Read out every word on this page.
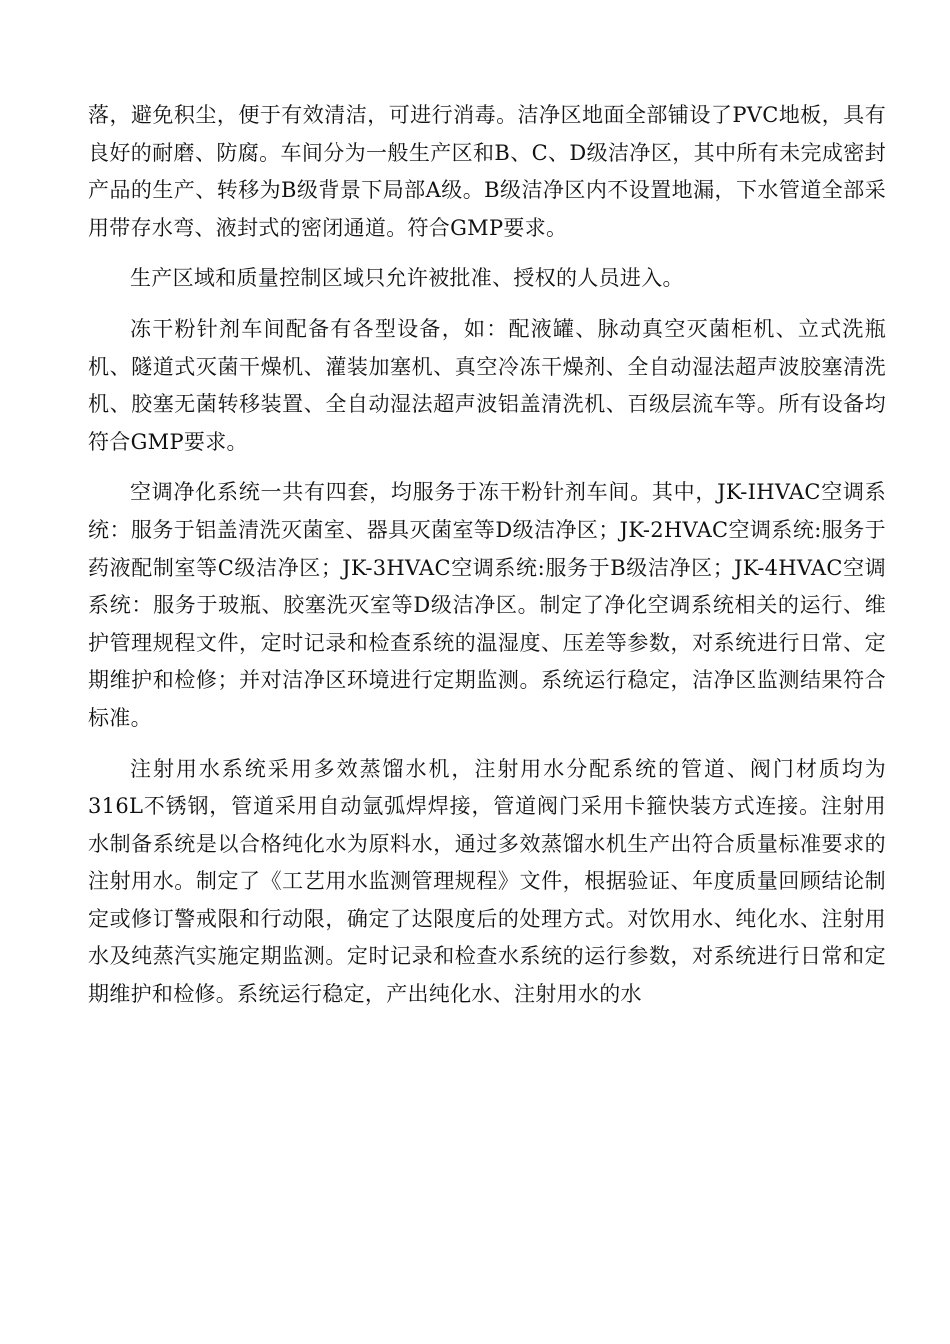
落，避免积尘，便于有效清洁，可进行消毒。洁净区地面全部铺设了PVC地板，具有良好的耐磨、防腐。车间分为一般生产区和B、C、D级洁净区，其中所有未完成密封产品的生产、转移为B级背景下局部A级。B级洁净区内不设置地漏，下水管道全部采用带存水弯、液封式的密闭通道。符合GMP要求。

生产区域和质量控制区域只允许被批准、授权的人员进入。

冻干粉针剂车间配备有各型设备，如：配液罐、脉动真空灭菌柜机、立式洗瓶机、隧道式灭菌干燥机、灌装加塞机、真空冷冻干燥剂、全自动湿法超声波胶塞清洗机、胶塞无菌转移装置、全自动湿法超声波铝盖清洗机、百级层流车等。所有设备均符合GMP要求。

空调净化系统一共有四套，均服务于冻干粉针剂车间。其中，JK-IHVAC空调系统：服务于铝盖清洗灭菌室、器具灭菌室等D级洁净区；JK-2HVAC空调系统:服务于药液配制室等C级洁净区；JK-3HVAC空调系统:服务于B级洁净区；JK-4HVAC空调系统：服务于玻瓶、胶塞洗灭室等D级洁净区。制定了净化空调系统相关的运行、维护管理规程文件，定时记录和检查系统的温湿度、压差等参数，对系统进行日常、定期维护和检修；并对洁净区环境进行定期监测。系统运行稳定，洁净区监测结果符合标准。

注射用水系统采用多效蒸馏水机，注射用水分配系统的管道、阀门材质均为316L不锈钢，管道采用自动氩弧焊焊接，管道阀门采用卡箍快装方式连接。注射用水制备系统是以合格纯化水为原料水，通过多效蒸馏水机生产出符合质量标准要求的注射用水。制定了《工艺用水监测管理规程》文件，根据验证、年度质量回顾结论制定或修订警戒限和行动限，确定了达限度后的处理方式。对饮用水、纯化水、注射用水及纯蒸汽实施定期监测。定时记录和检查水系统的运行参数，对系统进行日常和定期维护和检修。系统运行稳定，产出纯化水、注射用水的水
